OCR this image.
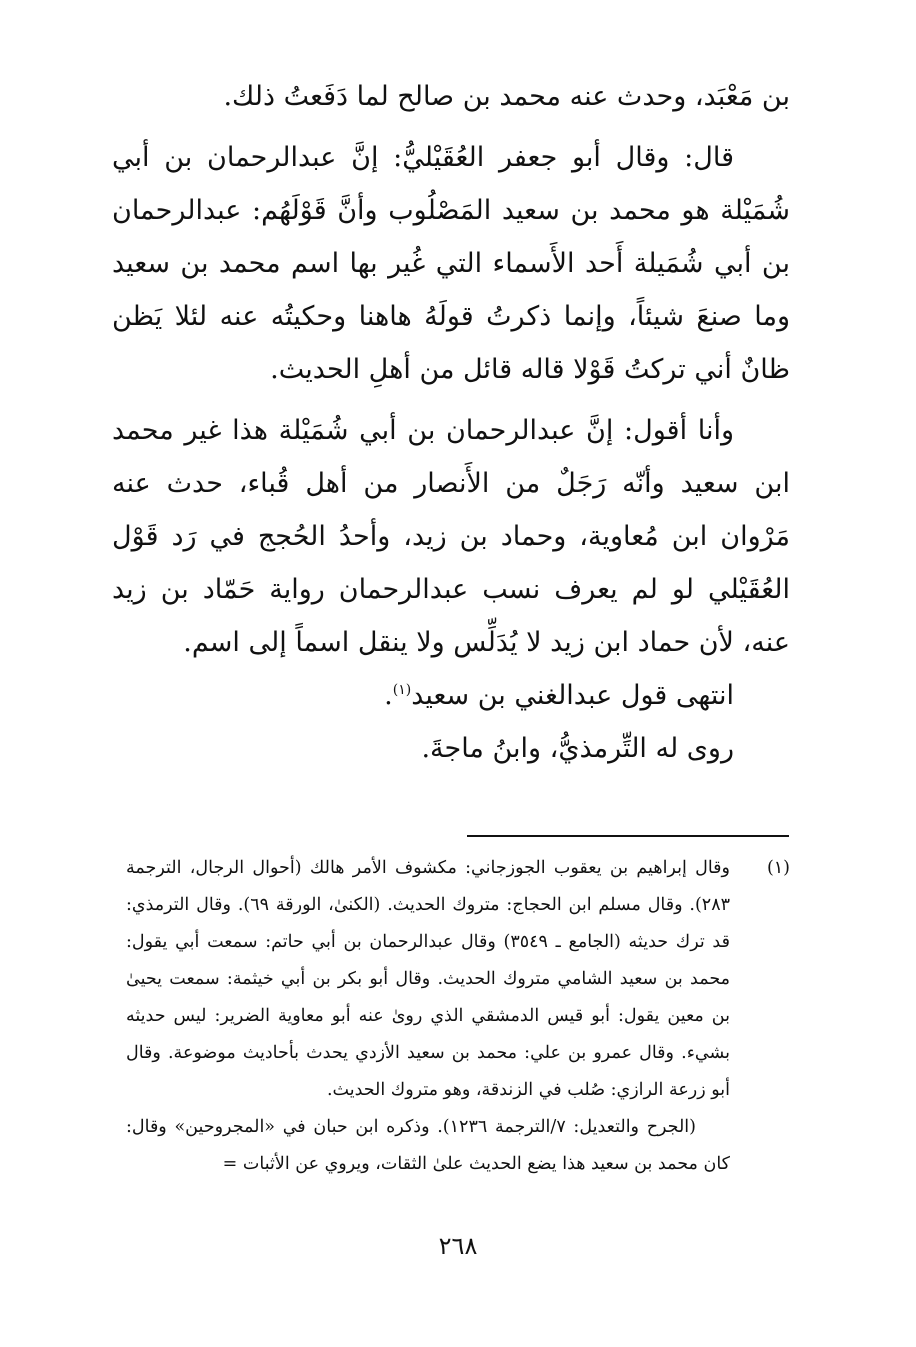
بن مَعْبَد، وحدث عنه محمد بن صالح لما دَفَعتُ ذلك.

قال: وقال أبو جعفر العُقَيْليُّ: إنَّ عبدالرحمان بن أبي شُمَيْلة هو محمد بن سعيد المَصْلُوب وأنَّ قَوْلَهُم: عبدالرحمان بن أبي شُمَيلة أَحد الأَسماء التي غُير بها اسم محمد بن سعيد وما صنعَ شيئاً، وإنما ذكرتُ قولَهُ هاهنا وحكيتُه عنه لئلا يَظن ظانٌ أني تركتُ قَوْلا قاله قائل من أهلِ الحديث.

وأنا أقول: إنَّ عبدالرحمان بن أبي شُمَيْلة هذا غير محمد ابن سعيد وأنّه رَجَلٌ من الأَنصار من أهل قُباء، حدث عنه مَرْوان ابن مُعاوية، وحماد بن زيد، وأحدُ الحُجج في رَد قَوْل العُقَيْلي لو لم يعرف نسب عبدالرحمان رواية حَمّاد بن زيد عنه، لأن حماد ابن زيد لا يُدَلِّس ولا ينقل اسماً إلى اسم.

انتهى قول عبدالغني بن سعيد$^{(١)}$.

روى له التِّرمذيُّ، وابنُ ماجةَ.

(١)

وقال إبراهيم بن يعقوب الجوزجاني: مكشوف الأمر هالك (أحوال الرجال، الترجمة ٢٨٣). وقال مسلم ابن الحجاج: متروك الحديث. (الكنىٰ، الورقة ٦٩). وقال الترمذي: قد ترك حديثه (الجامع ـ ٣٥٤٩) وقال عبدالرحمان بن أبي حاتم: سمعت أبي يقول: محمد بن سعيد الشامي متروك الحديث. وقال أبو بكر بن أبي خيثمة: سمعت يحيىٰ بن معين يقول: أبو قيس الدمشقي الذي روىٰ عنه أبو معاوية الضرير: ليس حديثه بشيء. وقال عمرو بن علي: محمد بن سعيد الأزدي يحدث بأحاديث موضوعة. وقال أبو زرعة الرازي: صُلب في الزندقة، وهو متروك الحديث.

(الجرح والتعديل: ٧/الترجمة ١٢٣٦). وذكره ابن حبان في «المجروحين» وقال: كان محمد بن سعيد هذا يضع الحديث علىٰ الثقات، ويروي عن الأثبات =

٢٦٨
